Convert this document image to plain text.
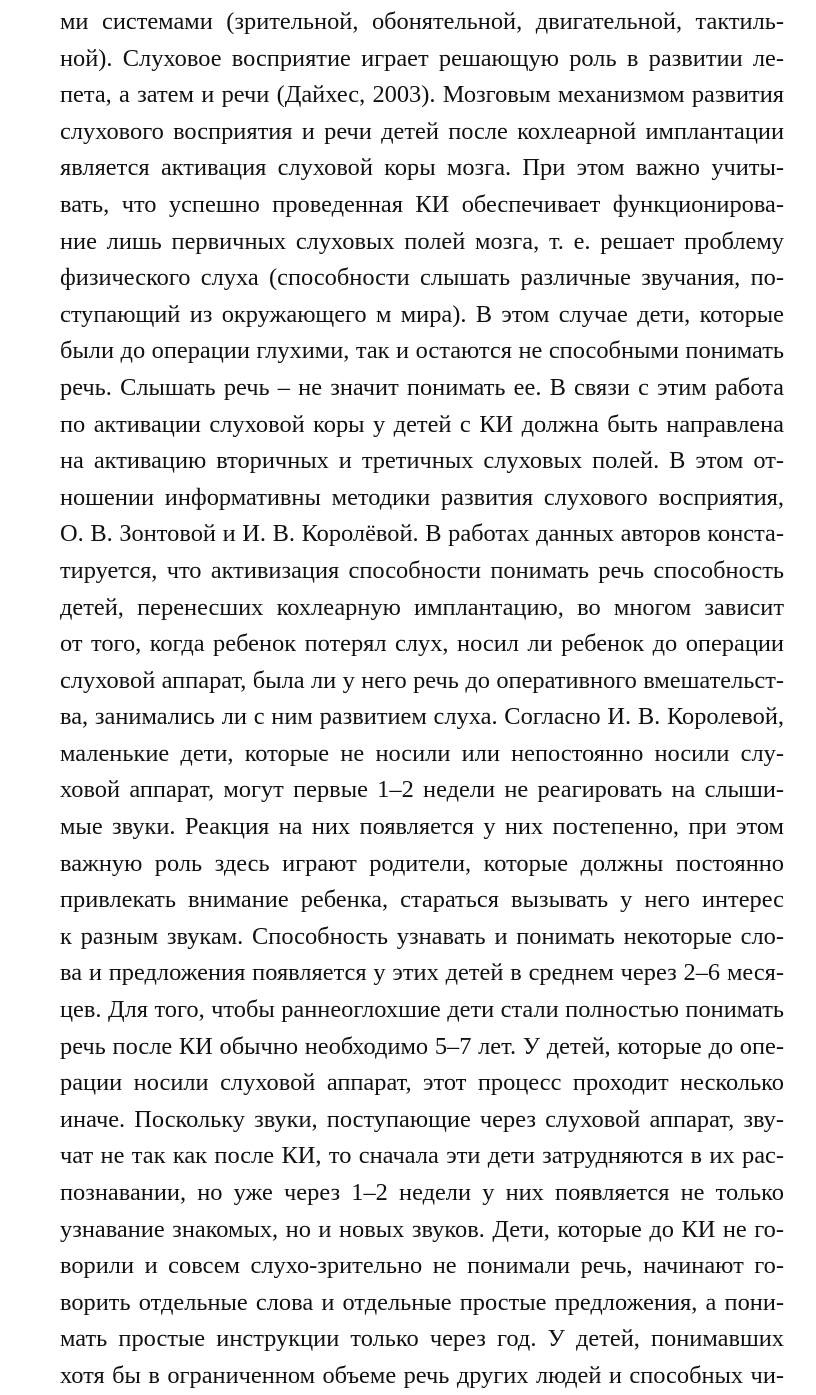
ми системами (зрительной, обонятельной, двигательной, тактиль-
ной). Слуховое восприятие играет решающую роль в развитии ле-
пета, а затем и речи (Дайхес, 2003). Мозговым механизмом развития
слухового восприятия и речи детей после кохлеарной имплантации
является активация слуховой коры мозга. При этом важно учиты-
вать, что успешно проведенная КИ обеспечивает функционирова-
ние лишь первичных слуховых полей мозга, т. е. решает проблему
физического слуха (способности слышать различные звучания, по-
ступающий из окружающего м мира). В этом случае дети, которые
были до операции глухими, так и остаются не способными понимать
речь. Слышать речь – не значит понимать ее. В связи с этим работа
по активации слуховой коры у детей с КИ должна быть направлена
на активацию вторичных и третичных слуховых полей. В этом от-
ношении информативны методики развития слухового восприятия,
О. В. Зонтовой и И. В. Королёвой. В работах данных авторов конста-
тируется, что активизация способности понимать речь способность
детей, перенесших кохлеарную имплантацию, во многом зависит
от того, когда ребенок потерял слух, носил ли ребенок до операции
слуховой аппарат, была ли у него речь до оперативного вмешательст-
ва, занимались ли с ним развитием слуха. Согласно И. В. Королевой,
маленькие дети, которые не носили или непостоянно носили слу-
ховой аппарат, могут первые 1–2 недели не реагировать на слыши-
мые звуки. Реакция на них появляется у них постепенно, при этом
важную роль здесь играют родители, которые должны постоянно
привлекать внимание ребенка, стараться вызывать у него интерес
к разным звукам. Способность узнавать и понимать некоторые сло-
ва и предложения появляется у этих детей в среднем через 2–6 меся-
цев. Для того, чтобы раннеоглохшие дети стали полностью понимать
речь после КИ обычно необходимо 5–7 лет. У детей, которые до опе-
рации носили слуховой аппарат, этот процесс проходит несколько
иначе. Поскольку звуки, поступающие через слуховой аппарат, зву-
чат не так как после КИ, то сначала эти дети затрудняются в их рас-
познавании, но уже через 1–2 недели у них появляется не только
узнавание знакомых, но и новых звуков. Дети, которые до КИ не го-
ворили и совсем слухо-зрительно не понимали речь, начинают го-
ворить отдельные слова и отдельные простые предложения, а пони-
мать простые инструкции только через год. У детей, понимавших
хотя бы в ограниченном объеме речь других людей и способных чи-
